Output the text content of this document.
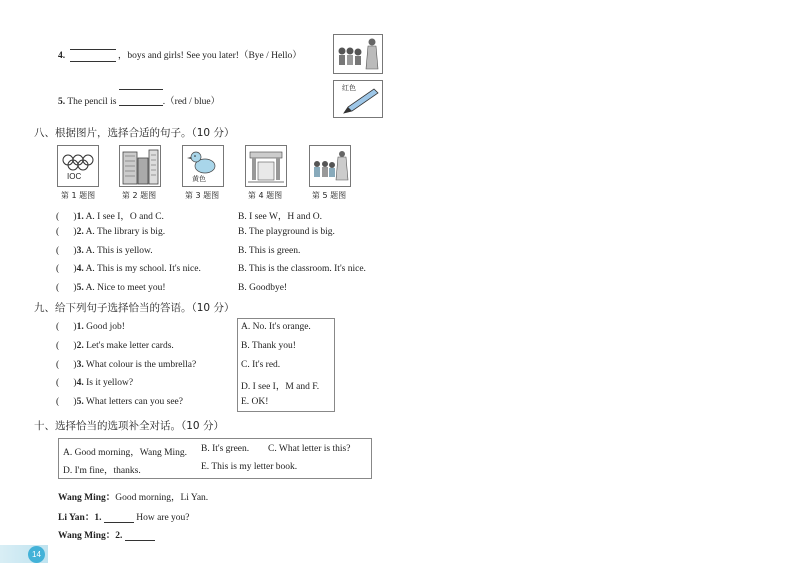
4.	，boys and girls! See you later!（Bye / Hello）
5. The pencil is	.（red / blue）
红色
八、根据图片，选择合适的句子。（10 分）
IOC
第 1 题图	第 2 题图
黄色
第 3 题图	第 4 题图	第 5 题图
(      )1. A. I see I，O and C.	B. I see W，H and O.
(      )2. A. The library is big.	B. The playground is big.
(      )3. A. This is yellow.	B. This is green.
(      )4. A. This is my school. It's nice.	B. This is the classroom. It's nice.
(      )5. A. Nice to meet you!	B. Goodbye!
九、给下列句子选择恰当的答语。（10 分）
(      )1. Good job!
(      )2. Let's make letter cards.
(      )3. What colour is the umbrella?
(      )4. Is it yellow?
(      )5. What letters can you see?
A. No. It's orange.
B. Thank you!
C. It's red.
D. I see I，M and F.
E. OK!
十、选择恰当的选项补全对话。（10 分）
A. Good morning，Wang Ming. B. It's green. C. What letter is this?
D. I'm fine，thanks.	E. This is my letter book.
Wang Ming：Good morning，Li Yan.
Li Yan：1.	How are you?
Wang Ming：2.
14
